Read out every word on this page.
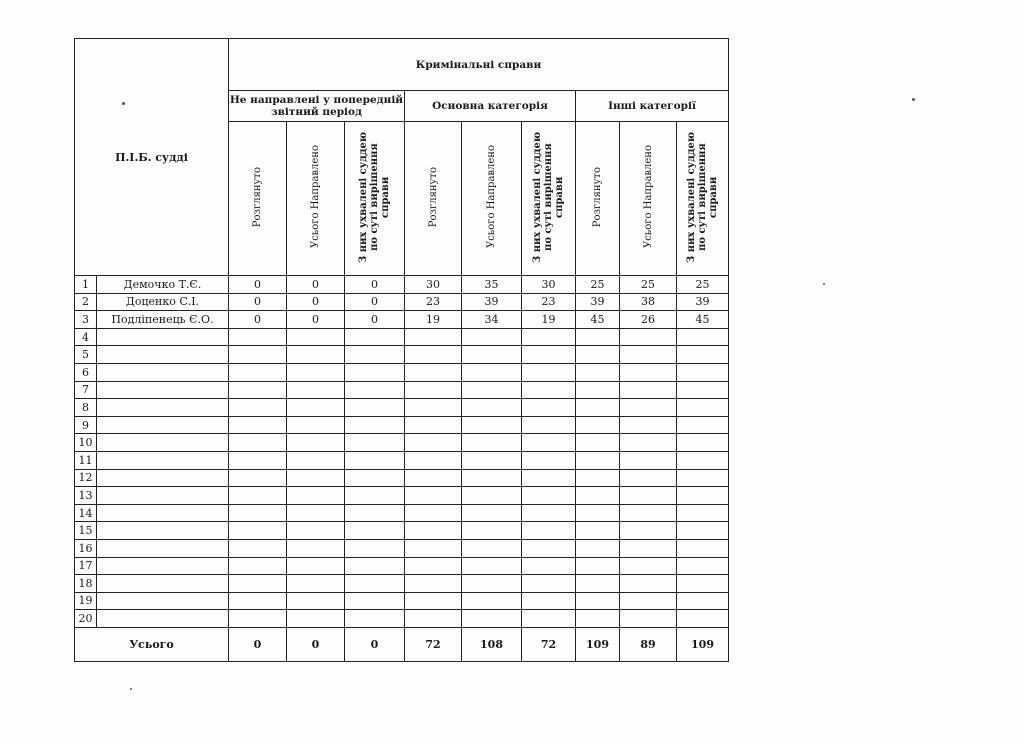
П.І.Б. судді		Кримінальні справи								
		Не направлені у попередній звітний період			Основна категорія			Інші категорії		
		Розглянуто	Усього Направлено	З них ухвалені суддею по суті вирішення справи	Розглянуто	Усього Направлено	З них ухвалені суддею по суті вирішення справи	Розглянуто	Усього Направлено	З них ухвалені суддею по суті вирішення справи
1	Демочко Т.Є.	0	0	0	30	35	30	25	25	25
2	Доценко С.І.	0	0	0	23	39	23	39	38	39
3	Подліпенець Є.О.	0	0	0	19	34	19	45	26	45
4										
5										
6										
7										
8										
9										
10										
11										
12										
13										
14										
15										
16										
17										
18										
19										
20										
Усього		0	0	0	72	108	72	109	89	109
